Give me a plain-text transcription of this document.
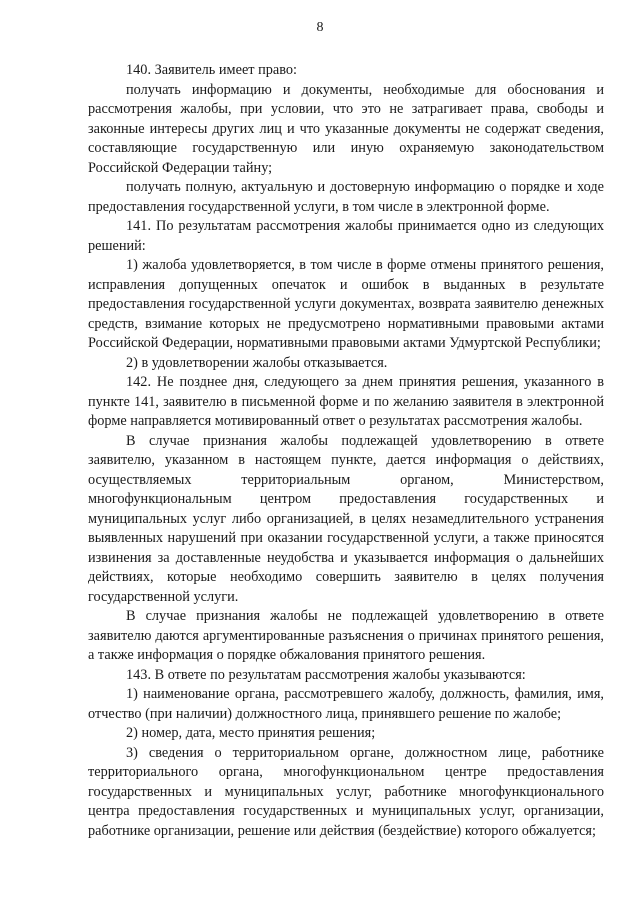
8

140. Заявитель имеет право:

получать информацию и документы, необходимые для обоснования и рассмотрения жалобы, при условии, что это не затрагивает права, свободы и законные интересы других лиц и что указанные документы не содержат сведения, составляющие государственную или иную охраняемую законодательством Российской Федерации тайну;

получать полную, актуальную и достоверную информацию о порядке и ходе предоставления государственной услуги, в том числе в электронной форме.

141. По результатам рассмотрения жалобы принимается одно из следующих решений:

1) жалоба удовлетворяется, в том числе в форме отмены принятого решения, исправления допущенных опечаток и ошибок в выданных в результате предоставления государственной услуги документах, возврата заявителю денежных средств, взимание которых не предусмотрено нормативными правовыми актами Российской Федерации, нормативными правовыми актами Удмуртской Республики;

2) в удовлетворении жалобы отказывается.

142. Не позднее дня, следующего за днем принятия решения, указанного в пункте 141, заявителю в письменной форме и по желанию заявителя в электронной форме направляется мотивированный ответ о результатах рассмотрения жалобы.

В случае признания жалобы подлежащей удовлетворению в ответе заявителю, указанном в настоящем пункте, дается информация о действиях, осуществляемых территориальным органом, Министерством, многофункциональным центром предоставления государственных и муниципальных услуг либо организацией, в целях незамедлительного устранения выявленных нарушений при оказании государственной услуги, а также приносятся извинения за доставленные неудобства и указывается информация о дальнейших действиях, которые необходимо совершить заявителю в целях получения государственной услуги.

В случае признания жалобы не подлежащей удовлетворению в ответе заявителю даются аргументированные разъяснения о причинах принятого решения, а также информация о порядке обжалования принятого решения.

143. В ответе по результатам рассмотрения жалобы указываются:

1) наименование органа, рассмотревшего жалобу, должность, фамилия, имя, отчество (при наличии) должностного лица, принявшего решение по жалобе;

2) номер, дата, место принятия решения;

3) сведения о территориальном органе, должностном лице, работнике территориального органа, многофункциональном центре предоставления государственных и муниципальных услуг, работнике многофункционального центра предоставления государственных и муниципальных услуг, организации, работнике организации, решение или действия (бездействие) которого обжалуется;
